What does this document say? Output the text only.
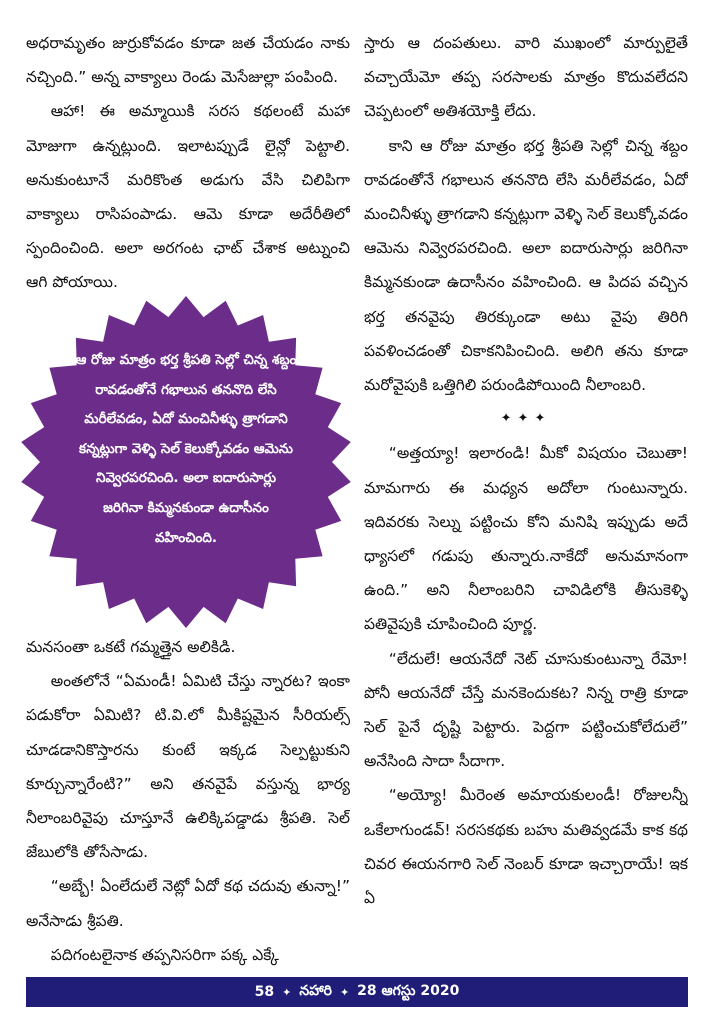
అధరామృతం జుర్రుకోవడం కూడా జత చేయడం నాకు నచ్చింది.” అన్న వాక్యాలు రెండు మెసేజుల్లా పంపింది.

ఆహా! ఈ అమ్మాయికి సరస కథలంటే మహా మోజుగా ఉన్నట్లుంది. ఇలాటప్పుడే లైన్లో పెట్టాలి. అనుకుంటూనే మరికొంత అడుగు వేసి చిలిపిగా వాక్యాలు రాసిపంపాడు. ఆమె కూడా అదేరీతిలో స్పందించింది. అలా అరగంట ఛాట్ చేశాక అట్నుంచి ఆగి పోయాయి.

ఆ రోజు మాత్రం భర్త శ్రీపతి సెల్లో చిన్న శబ్దం రావడంతోనే గభాలున తననొది లేసి మరీలేవడం, ఏదో మంచినీళ్ళు త్రాగడాని కన్నట్లుగా వెళ్ళి సెల్ కెలుక్కోవడం ఆమెను నివ్వెరపరచింది. అలా ఐదారుసార్లు జరిగినా కిమ్మనకుండా ఉదాసీనం వహించింది.

మనసంతా ఒకటే గమ్మత్తైన అలికిడి.

అంతలోనే “ఏమండీ! ఏమిటి చేస్తు న్నారట? ఇంకా పడుకోరా ఏమిటి? టి.వి.లో మీకిష్టమైన సీరియల్స్ చూడడానికొస్తారను కుంటే ఇక్కడ సెల్పట్టుకుని కూర్చున్నారేంటి?” అని తనవైపే వస్తున్న భార్య నీలాంబరివైపు చూస్తూనే ఉలిక్కిపడ్డాడు శ్రీపతి. సెల్ జేబులోకి తోసేసాడు.

“అబ్బే! ఏంలేదులే నెట్లో ఏదో కథ చదువు తున్నా!” అనేసాడు శ్రీపతి.

పదిగంటలైనాక తప్పనిసరిగా పక్క ఎక్కే

స్తారు ఆ దంపతులు. వారి ముఖంలో మార్పులైతే వచ్చాయేమో తప్ప సరసాలకు మాత్రం కొదువలేదని చెప్పటంలో అతిశయోక్తి లేదు.

కాని ఆ రోజు మాత్రం భర్త శ్రీపతి సెల్లో చిన్న శబ్దం రావడంతోనే గభాలున తననొది లేసి మరీలేవడం, ఏదో మంచినీళ్ళు త్రాగడాని కన్నట్లుగా వెళ్ళి సెల్ కెలుక్కోవడం ఆమెను నివ్వెరపరచింది. అలా ఐదారుసార్లు జరిగినా కిమ్మనకుండా ఉదాసీనం వహించింది. ఆ పిదప వచ్చిన భర్త తనవైపు తిరక్కుండా అటు వైపు తిరిగి పవళించడంతో చికాకనిపించింది. అలిగి తను కూడా మరోవైపుకి ఒత్తిగిలి పరుండిపోయింది నీలాంబరి.

✦✦✦

“అత్తయ్యా! ఇలారండి! మీకో విషయం చెబుతా! మామగారు ఈ మధ్యన అదోలా గుంటున్నారు. ఇదివరకు సెల్ను పట్టించు కోని మనిషి ఇప్పుడు అదే ధ్యాసలో గడుపు తున్నారు.నాకేదో అనుమానంగా ఉంది.” అని నీలాంబరిని చావిడిలోకి తీసుకెళ్ళి పతివైపుకి చూపించింది పూర్ణ.

“లేదులే! ఆయనేదో నెట్ చూసుకుంటున్నా రేమో! పోనీ ఆయనేదో చేస్తే మనకెందుకట? నిన్న రాత్రి కూడా సెల్ పైనే దృష్టి పెట్టారు. పెద్దగా పట్టించుకోలేదులే” అనేసింది సాదా సీదాగా.

“అయ్యో! మీరెంత అమాయకులండీ! రోజులన్నీ ఒకేలాగుండవ్! సరసకథకు బహు మతివ్వడమే కాక కథ చివర ఈయనగారి సెల్ నెంబర్ కూడా ఇచ్చారాయే! ఇక ఏ

58 ✦ నహారి ✦ 28 ఆగస్టు 2020
